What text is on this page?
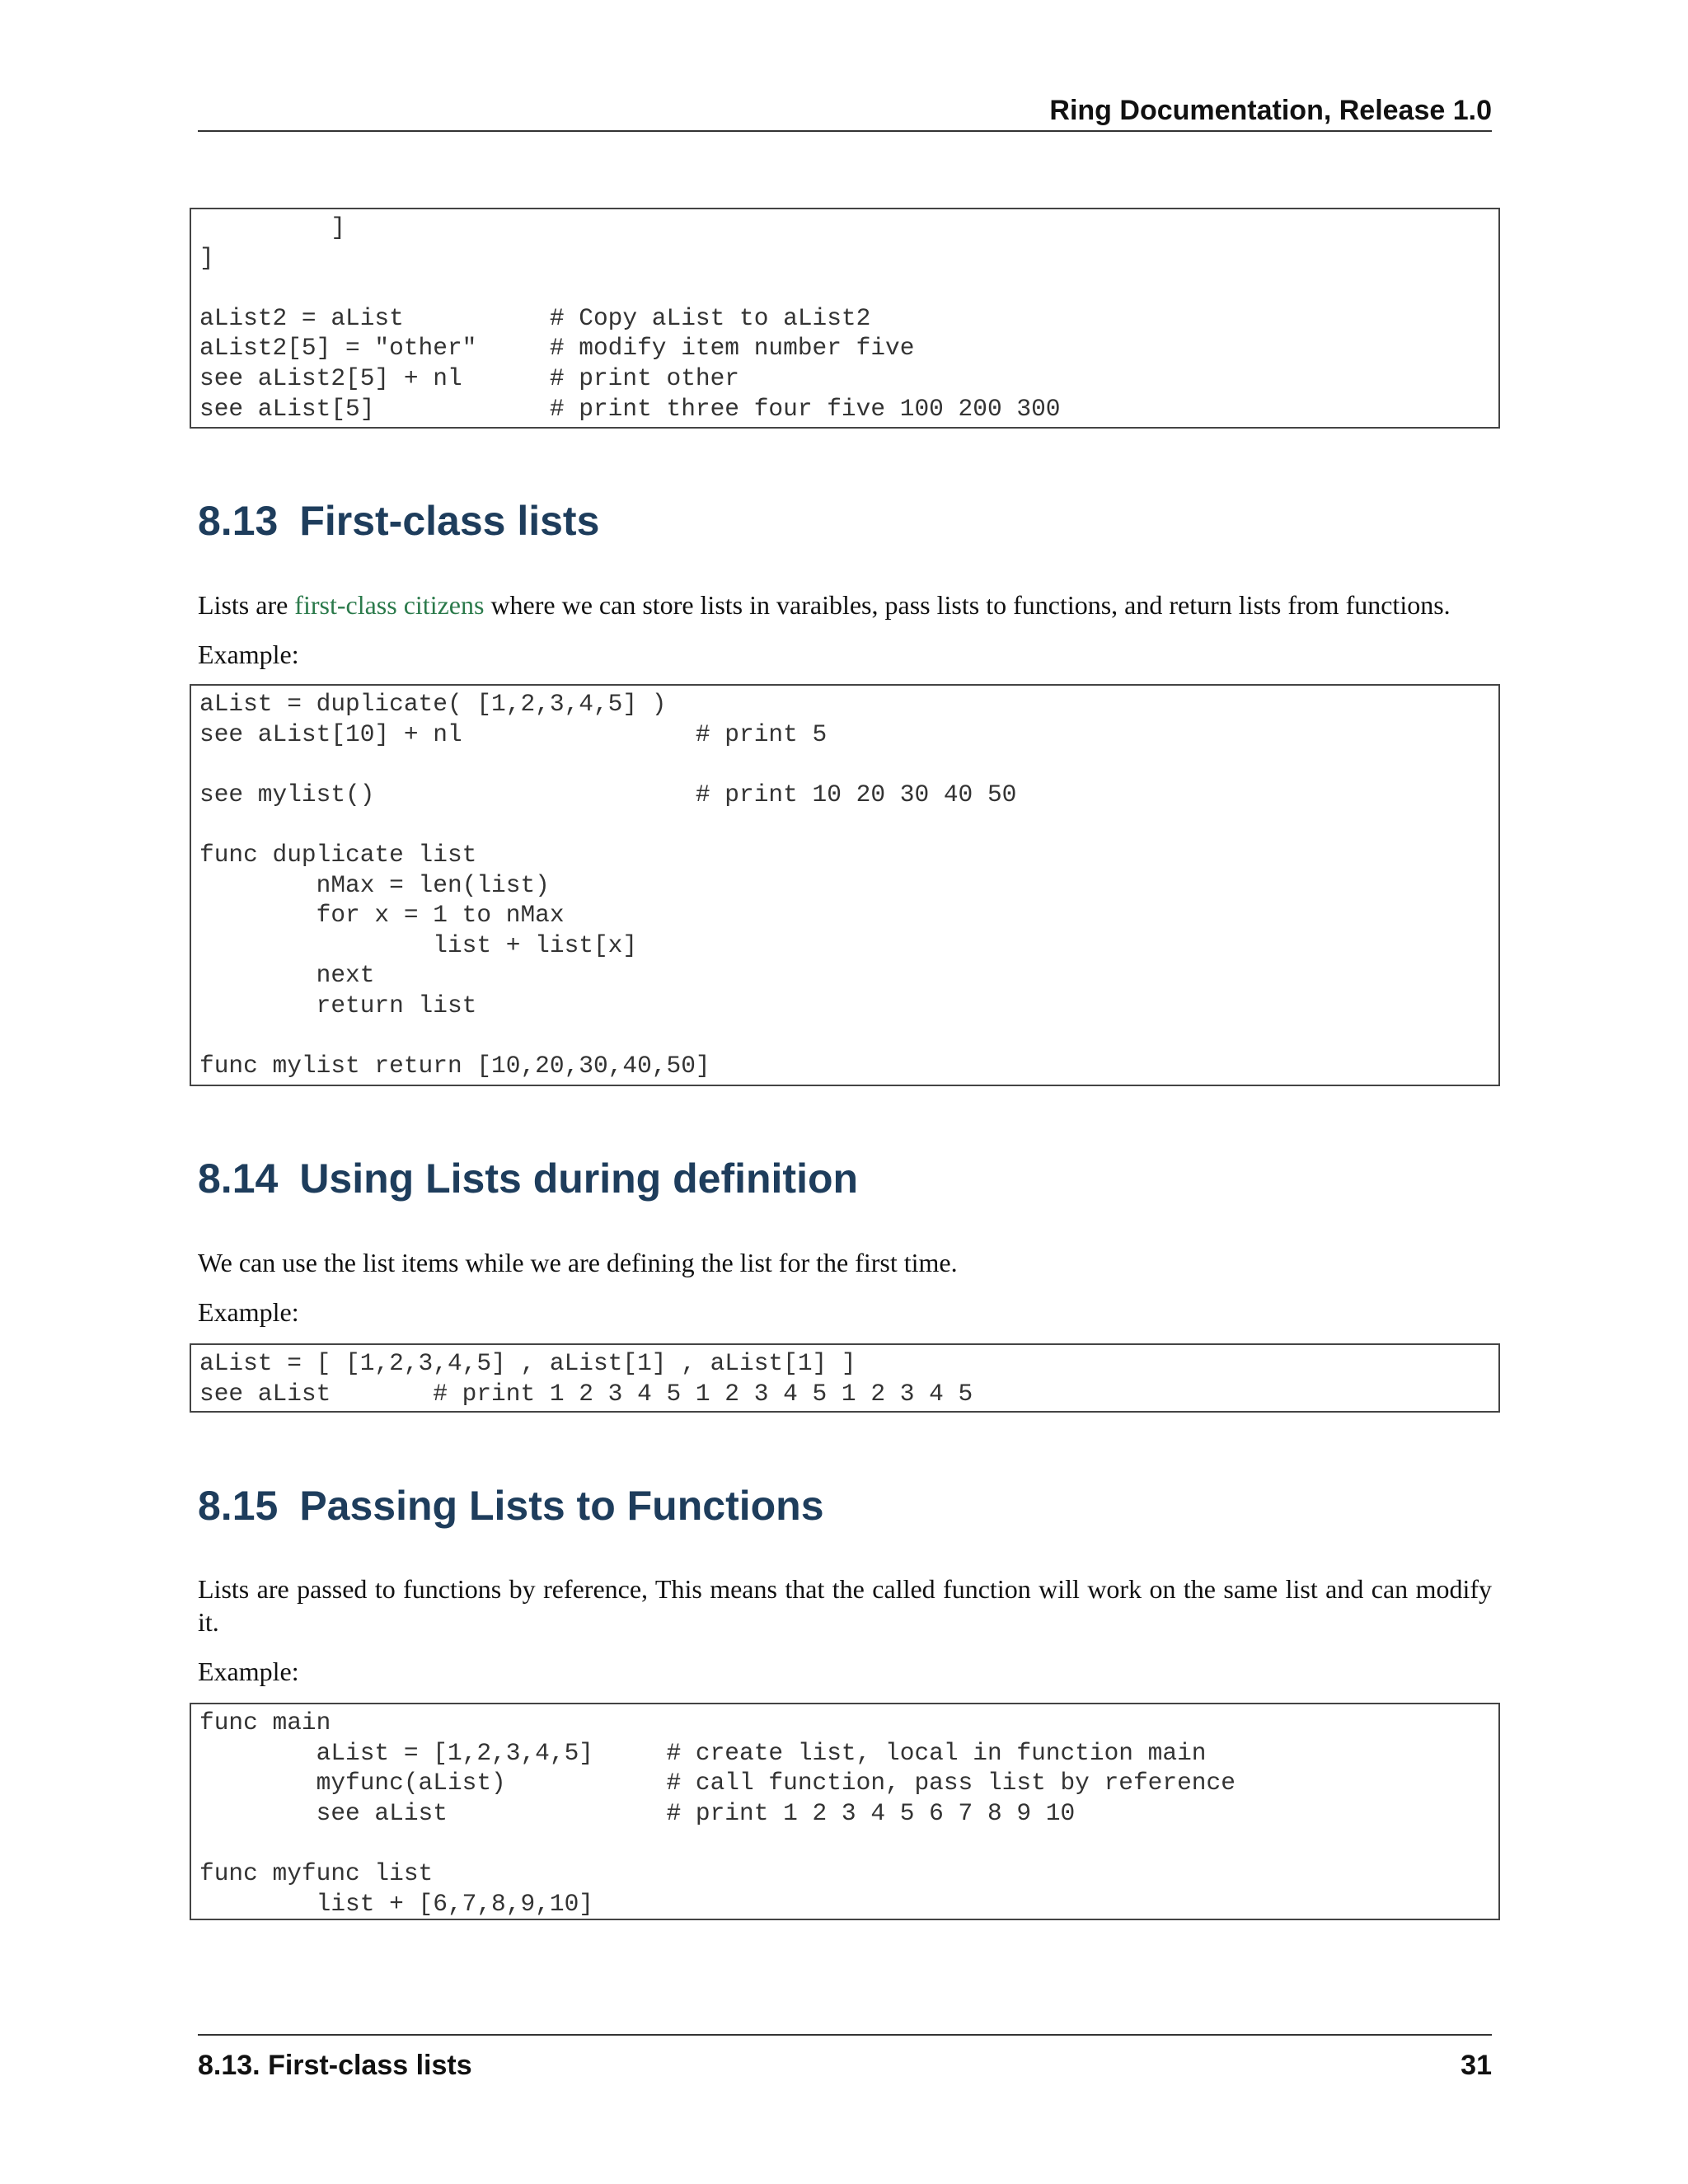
Ring Documentation, Release 1.0
]
]

aList2 = aList          # Copy aList to aList2
aList2[5] = "other"     # modify item number five
see aList2[5] + nl      # print other
see aList[5]            # print three four five 100 200 300
8.13 First-class lists

Lists are first-class citizens where we can store lists in varaibles, pass lists to functions, and return lists from functions.

Example:

aList = duplicate( [1,2,3,4,5] )
see aList[10] + nl                # print 5

see mylist()                      # print 10 20 30 40 50

func duplicate list
nMax = len(list)
for x = 1 to nMax
list + list[x]
next
return list

func mylist return [10,20,30,40,50]
8.14 Using Lists during definition

We can use the list items while we are defining the list for the first time.

Example:

aList = [ [1,2,3,4,5] , aList[1] , aList[1] ]
see aList       # print 1 2 3 4 5 1 2 3 4 5 1 2 3 4 5
8.15 Passing Lists to Functions

Lists are passed to functions by reference, This means that the called function will work on the same list and can modify it.

Example:

func main
aList = [1,2,3,4,5]     # create list, local in function main
myfunc(aList)           # call function, pass list by reference
see aList               # print 1 2 3 4 5 6 7 8 9 10

func myfunc list
list + [6,7,8,9,10]
8.13. First-class lists	31
